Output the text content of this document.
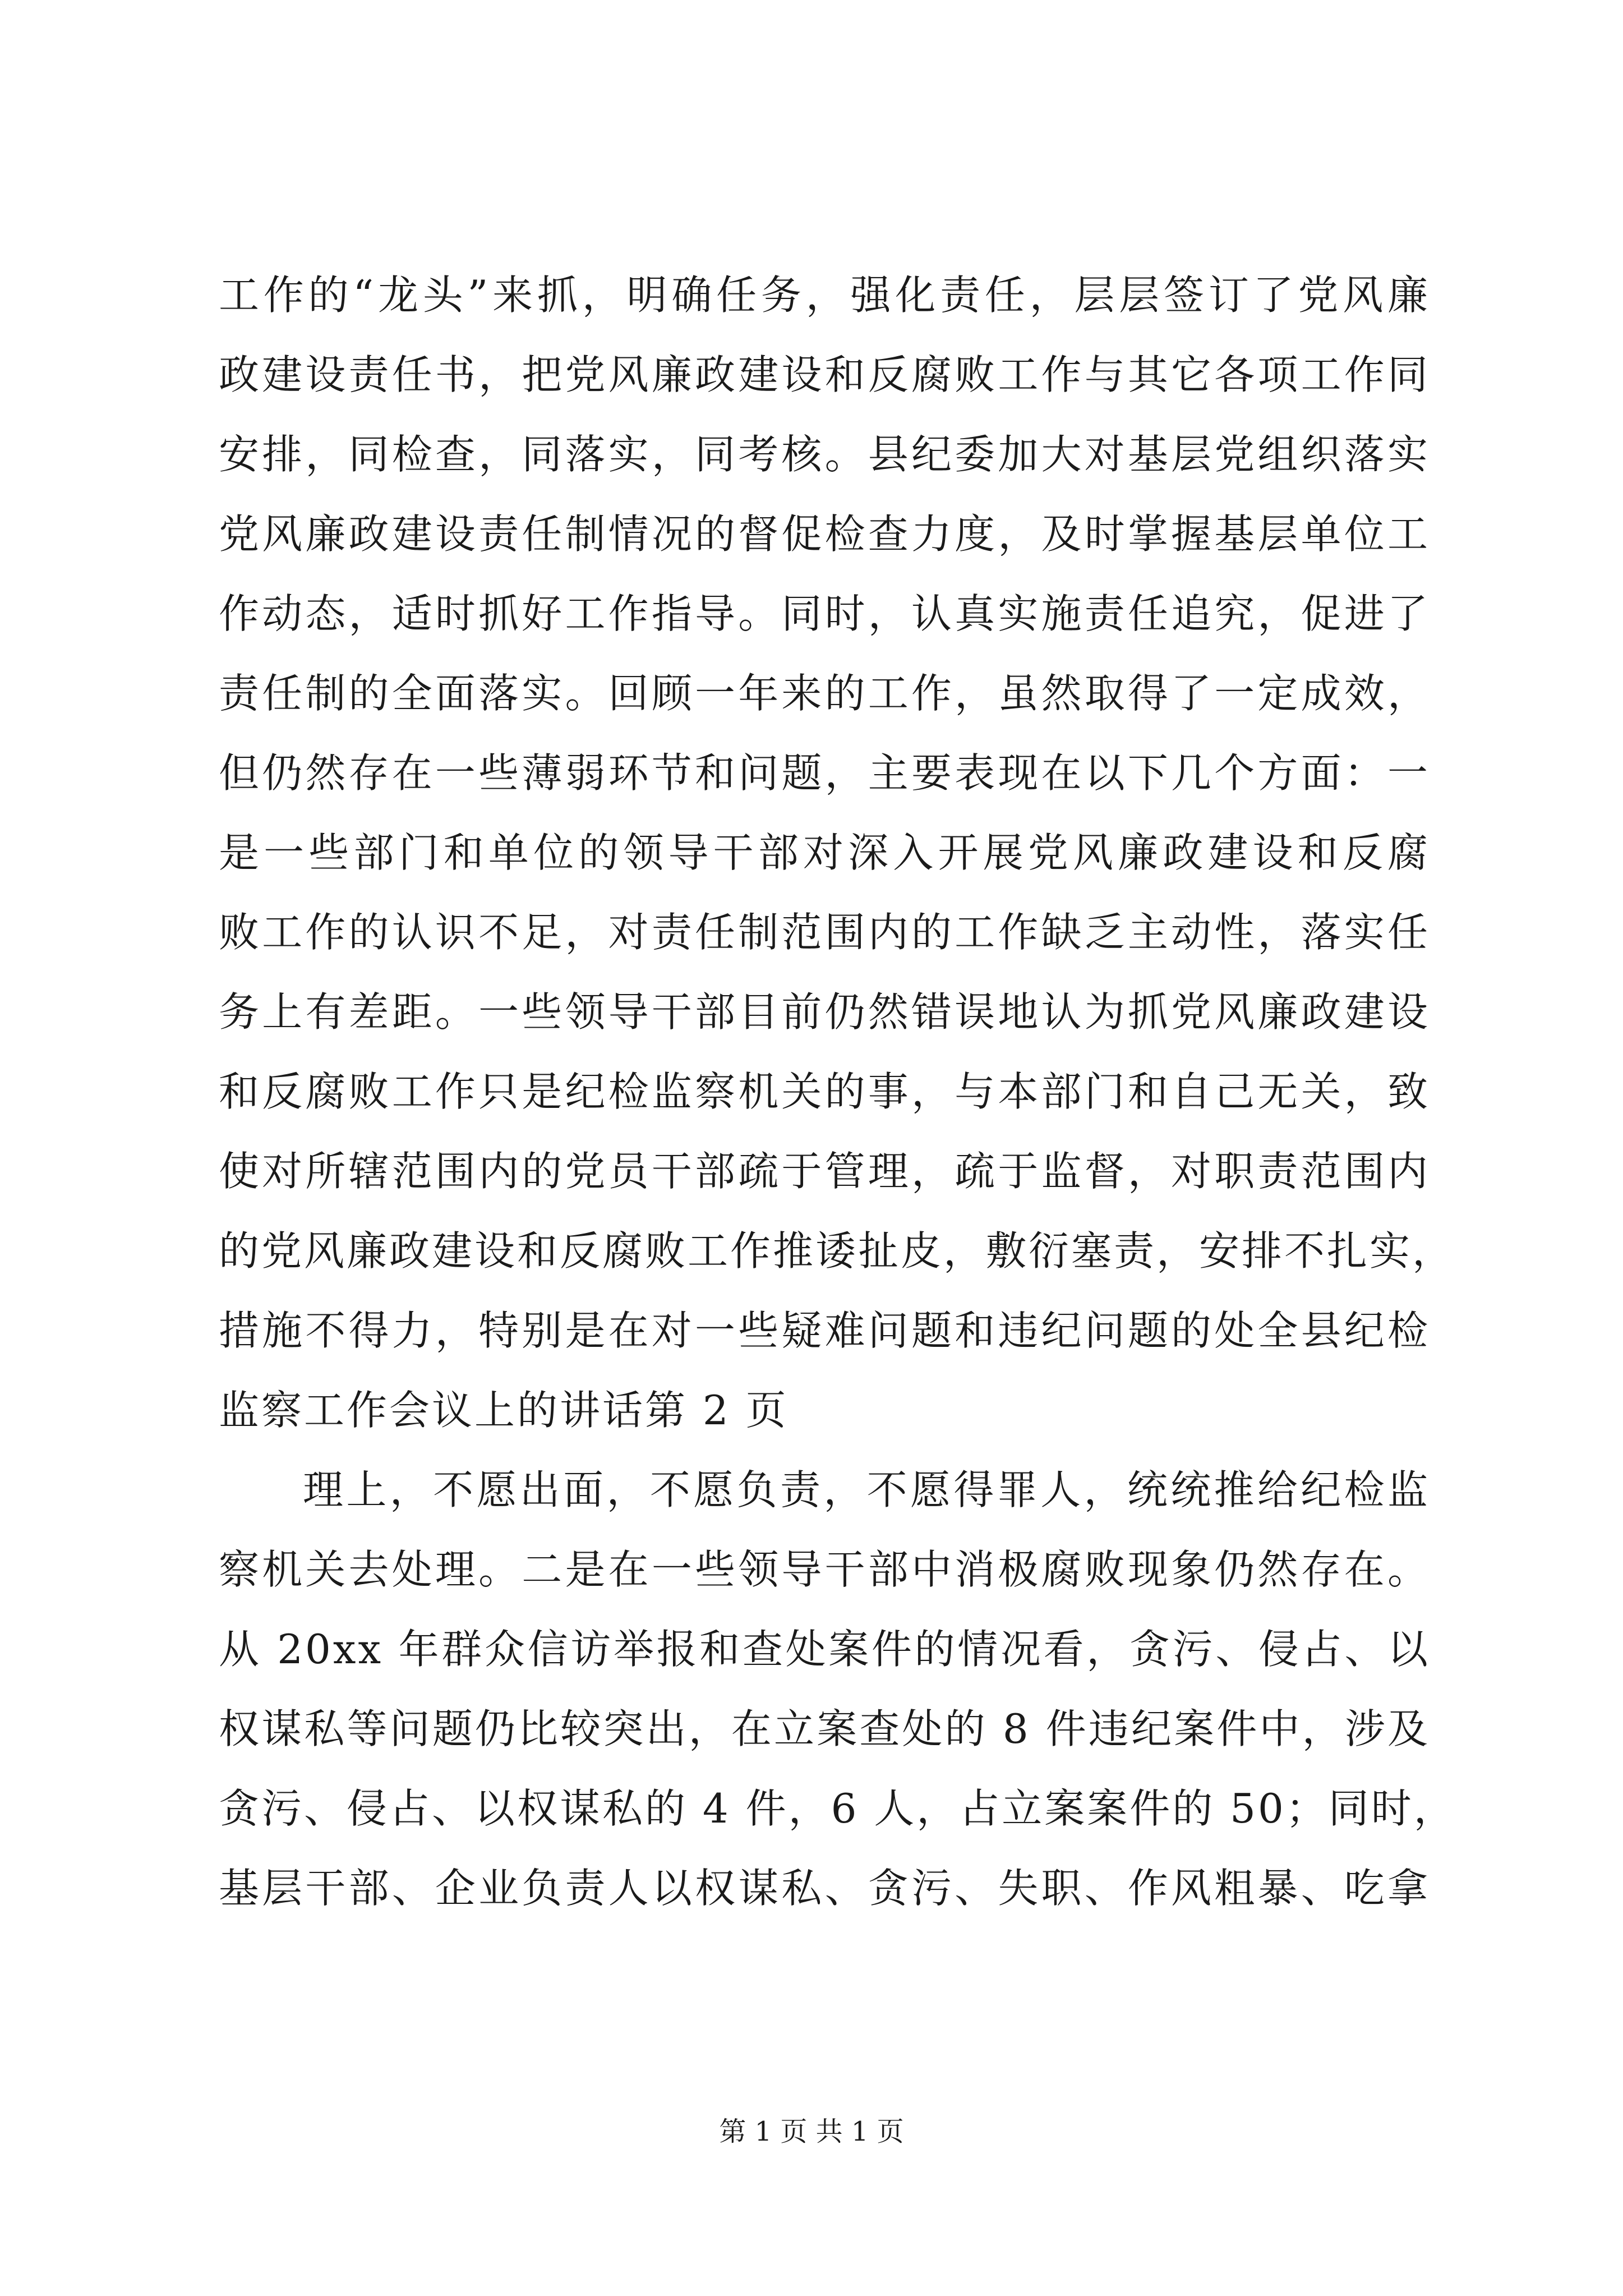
工作的“龙头”来抓，明确任务，强化责任，层层签订了党风廉
政建设责任书，把党风廉政建设和反腐败工作与其它各项工作同
安排，同检查，同落实，同考核。县纪委加大对基层党组织落实
党风廉政建设责任制情况的督促检查力度，及时掌握基层单位工
作动态，适时抓好工作指导。同时，认真实施责任追究，促进了
责任制的全面落实。回顾一年来的工作，虽然取得了一定成效，
但仍然存在一些薄弱环节和问题，主要表现在以下几个方面：一
是一些部门和单位的领导干部对深入开展党风廉政建设和反腐
败工作的认识不足，对责任制范围内的工作缺乏主动性，落实任
务上有差距。一些领导干部目前仍然错误地认为抓党风廉政建设
和反腐败工作只是纪检监察机关的事，与本部门和自己无关，致
使对所辖范围内的党员干部疏于管理，疏于监督，对职责范围内
的党风廉政建设和反腐败工作推诿扯皮，敷衍塞责，安排不扎实，
措施不得力，特别是在对一些疑难问题和违纪问题的处全县纪检
监察工作会议上的讲话第 2 页
理上，不愿出面，不愿负责，不愿得罪人，统统推给纪检监
察机关去处理。二是在一些领导干部中消极腐败现象仍然存在。
从 20xx 年群众信访举报和查处案件的情况看，贪污、侵占、以
权谋私等问题仍比较突出，在立案查处的 8 件违纪案件中，涉及
贪污、侵占、以权谋私的 4 件，6 人，占立案案件的 50；同时，
基层干部、企业负责人以权谋私、贪污、失职、作风粗暴、吃拿
第 1 页 共 1 页
